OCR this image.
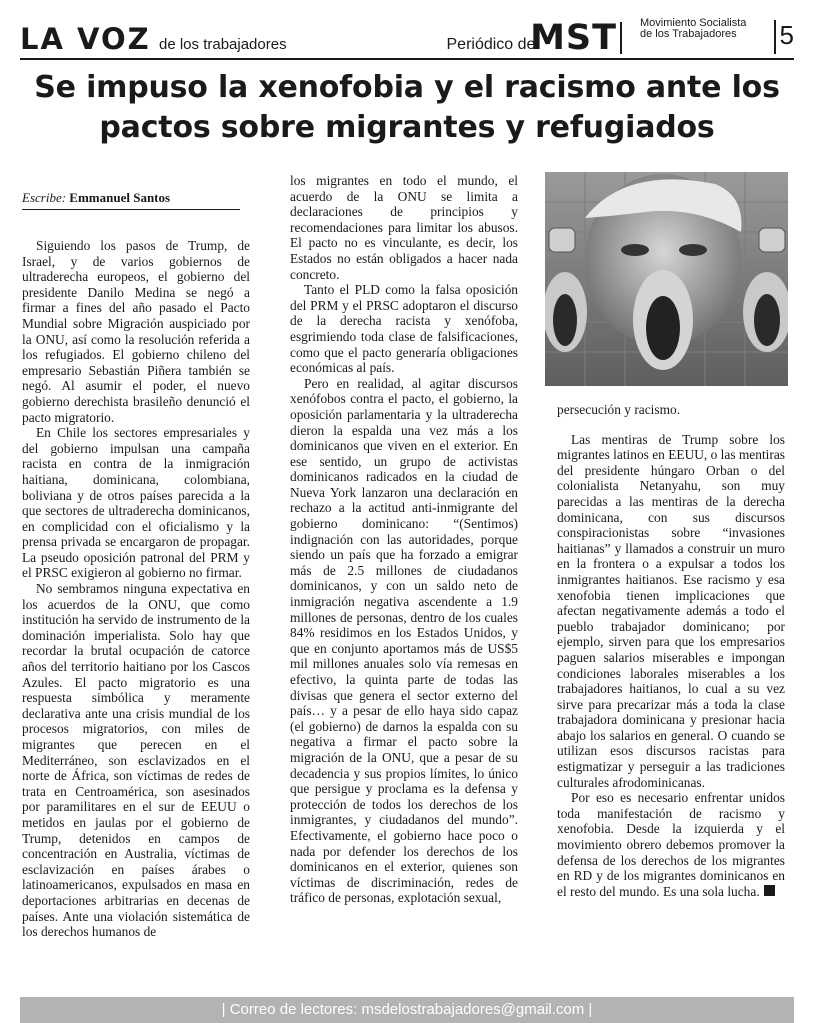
LA VOZ de los trabajadores	Periódico del
MST Movimiento Socialista de los Trabajadores	5
Se impuso la xenofobia y el racismo ante los pactos sobre migrantes y refugiados
Escribe: Emmanuel Santos

Siguiendo los pasos de Trump, de Israel, y de varios gobiernos de ultraderecha europeos, el gobierno del presidente Danilo Medina se negó a firmar a fines del año pasado el Pacto Mundial sobre Migración auspiciado por la ONU, así como la resolución referida a los refugiados. El gobierno chileno del empresario Sebastián Piñera también se negó. Al asumir el poder, el nuevo gobierno derechista brasileño denunció el pacto migratorio.

En Chile los sectores empresariales y del gobierno impulsan una campaña racista en contra de la inmigración haitiana, dominicana, colombiana, boliviana y de otros países parecida a la que sectores de ultraderecha dominicanos, en complicidad con el oficialismo y la prensa privada se encargaron de propagar. La pseudo oposición patronal del PRM y el PRSC exigieron al gobierno no firmar.

No sembramos ninguna expectativa en los acuerdos de la ONU, que como institución ha servido de instrumento de la dominación imperialista. Solo hay que recordar la brutal ocupación de catorce años del territorio haitiano por los Cascos Azules. El pacto migratorio es una respuesta simbólica y meramente declarativa ante una crisis mundial de los procesos migratorios, con miles de migrantes que perecen en el Mediterráneo, son esclavizados en el norte de África, son víctimas de redes de trata en Centroamérica, son asesinados por paramilitares en el sur de EEUU o metidos en jaulas por el gobierno de Trump, detenidos en campos de concentración en Australia, víctimas de esclavización en países árabes o latinoamericanos, expulsados en masa en deportaciones arbitrarias en decenas de países. Ante una violación sistemática de los derechos humanos de

los migrantes en todo el mundo, el acuerdo de la ONU se limita a declaraciones de principios y recomendaciones para limitar los abusos. El pacto no es vinculante, es decir, los Estados no están obligados a hacer nada concreto.

Tanto el PLD como la falsa oposición del PRM y el PRSC adoptaron el discurso de la derecha racista y xenófoba, esgrimiendo toda clase de falsificaciones, como que el pacto generaría obligaciones económicas al país.

Pero en realidad, al agitar discursos xenófobos contra el pacto, el gobierno, la oposición parlamentaria y la ultraderecha dieron la espalda una vez más a los dominicanos que viven en el exterior. En ese sentido, un grupo de activistas dominicanos radicados en la ciudad de Nueva York lanzaron una declaración en rechazo a la actitud anti-inmigrante del gobierno dominicano: “(Sentimos) indignación con las autoridades, porque siendo un país que ha forzado a emigrar más de 2.5 millones de ciudadanos dominicanos, y con un saldo neto de inmigración negativa ascendente a 1.9 millones de personas, dentro de los cuales 84% residimos en los Estados Unidos, y que en conjunto aportamos más de US$5 mil millones anuales solo vía remesas en efectivo, la quinta parte de todas las divisas que genera el sector externo del país… y a pesar de ello haya sido capaz (el gobierno) de darnos la espalda con su negativa a firmar el pacto sobre la migración de la ONU, que a pesar de su decadencia y sus propios límites, lo único que persigue y proclama es la defensa y protección de todos los derechos de los inmigrantes, y ciudadanos del mundo”. Efectivamente, el gobierno hace poco o nada por defender los derechos de los dominicanos en el exterior, quienes son víctimas de discriminación, redes de tráfico de personas, explotación sexual,

persecución y racismo.

Las mentiras de Trump sobre los migrantes latinos en EEUU, o las mentiras del presidente húngaro Orban o del colonialista Netanyahu, son muy parecidas a las mentiras de la derecha dominicana, con sus discursos conspiracionistas sobre “invasiones haitianas” y llamados a construir un muro en la frontera o a expulsar a todos los inmigrantes haitianos. Ese racismo y esa xenofobia tienen implicaciones que afectan negativamente además a todo el pueblo trabajador dominicano; por ejemplo, sirven para que los empresarios paguen salarios miserables e impongan condiciones laborales miserables a los trabajadores haitianos, lo cual a su vez sirve para precarizar más a toda la clase trabajadora dominicana y presionar hacia abajo los salarios en general. O cuando se utilizan esos discursos racistas para estigmatizar y perseguir a las tradiciones culturales afrodominicanas.

Por eso es necesario enfrentar unidos toda manifestación de racismo y xenofobia. Desde la izquierda y el movimiento obrero debemos promover la defensa de los derechos de los migrantes en RD y de los migrantes dominicanos en el resto del mundo. Es una sola lucha.

| Correo de lectores: msdelostrabajadores@gmail.com |
